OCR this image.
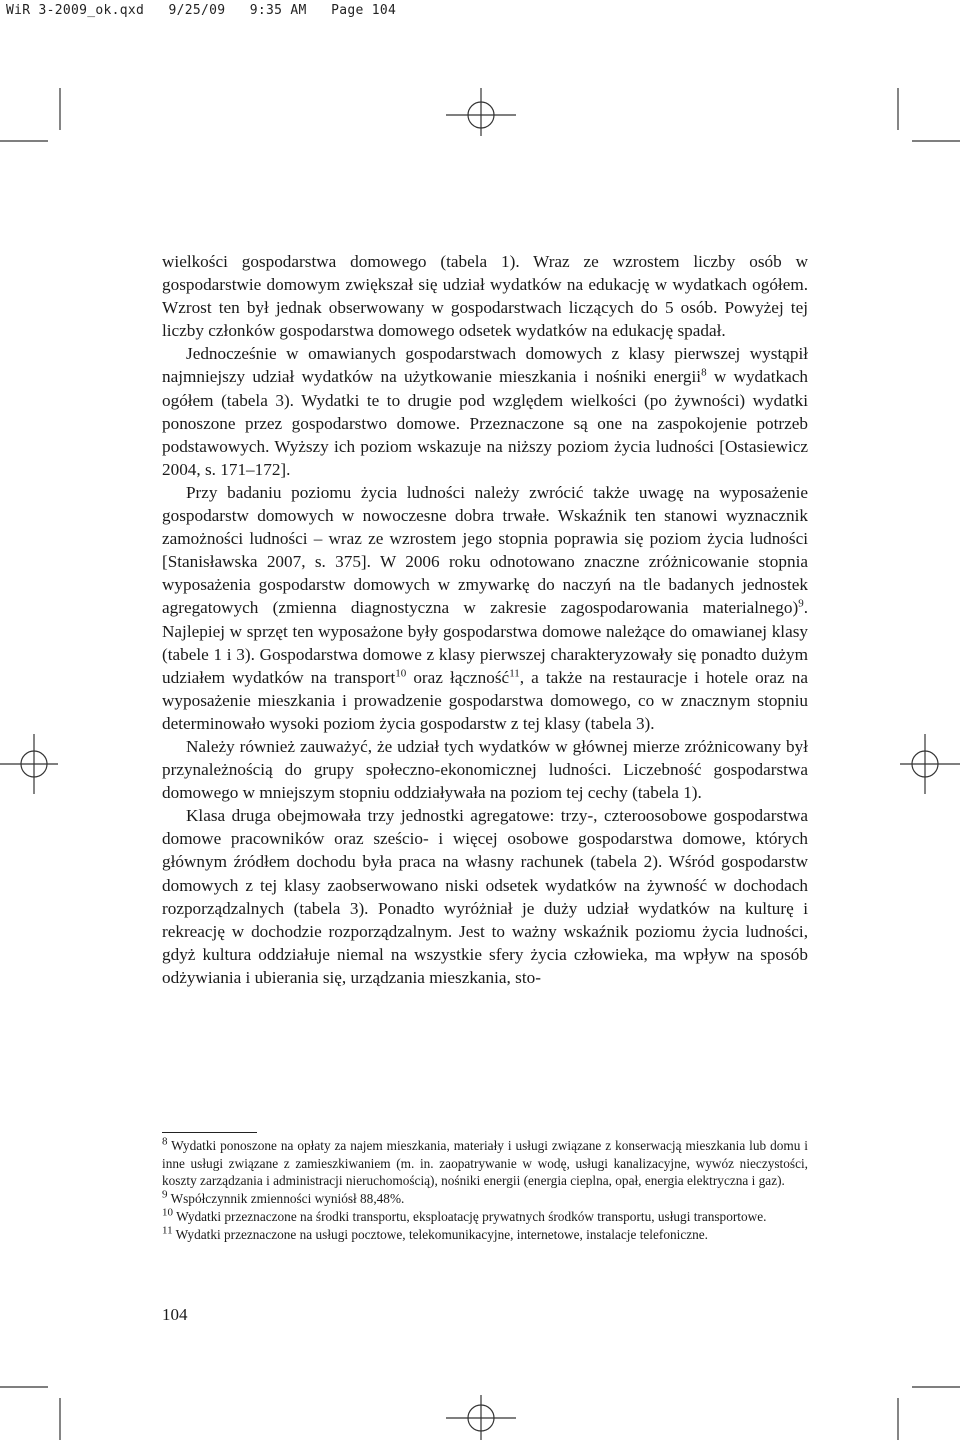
WiR 3-2009_ok.qxd   9/25/09   9:35 AM   Page 104

wielkości gospodarstwa domowego (tabela 1). Wraz ze wzrostem liczby osób w gospodarstwie domowym zwiększał się udział wydatków na edukację w wydatkach ogółem. Wzrost ten był jednak obserwowany w gospodarstwach liczących do 5 osób. Powyżej tej liczby członków gospodarstwa domowego odsetek wydatków na edukację spadał.

Jednocześnie w omawianych gospodarstwach domowych z klasy pierwszej wystąpił najmniejszy udział wydatków na użytkowanie mieszkania i nośniki energii$^8$ w wydatkach ogółem (tabela 3). Wydatki te to drugie pod względem wielkości (po żywności) wydatki ponoszone przez gospodarstwo domowe. Przeznaczone są one na zaspokojenie potrzeb podstawowych. Wyższy ich poziom wskazuje na niższy poziom życia ludności [Ostasiewicz 2004, s. 171–172].

Przy badaniu poziomu życia ludności należy zwrócić także uwagę na wyposażenie gospodarstw domowych w nowoczesne dobra trwałe. Wskaźnik ten stanowi wyznacznik zamożności ludności – wraz ze wzrostem jego stopnia poprawia się poziom życia ludności [Stanisławska 2007, s. 375]. W 2006 roku odnotowano znaczne zróżnicowanie stopnia wyposażenia gospodarstw domowych w zmywarkę do naczyń na tle badanych jednostek agregatowych (zmienna diagnostyczna w zakresie zagospodarowania materialnego)$^9$. Najlepiej w sprzęt ten wyposażone były gospodarstwa domowe należące do omawianej klasy (tabele 1 i 3). Gospodarstwa domowe z klasy pierwszej charakteryzowały się ponadto dużym udziałem wydatków na transport$^{10}$ oraz łączność$^{11}$, a także na restauracje i hotele oraz na wyposażenie mieszkania i prowadzenie gospodarstwa domowego, co w znacznym stopniu determinowało wysoki poziom życia gospodarstw z tej klasy (tabela 3).

Należy również zauważyć, że udział tych wydatków w głównej mierze zróżnicowany był przynależnością do grupy społeczno-ekonomicznej ludności. Liczebność gospodarstwa domowego w mniejszym stopniu oddziaływała na poziom tej cechy (tabela 1).

Klasa druga obejmowała trzy jednostki agregatowe: trzy-, czteroosobowe gospodarstwa domowe pracowników oraz sześcio- i więcej osobowe gospodarstwa domowe, których głównym źródłem dochodu była praca na własny rachunek (tabela 2). Wśród gospodarstw domowych z tej klasy zaobserwowano niski odsetek wydatków na żywność w dochodach rozporządzalnych (tabela 3). Ponadto wyróżniał je duży udział wydatków na kulturę i rekreację w dochodzie rozporządzalnym. Jest to ważny wskaźnik poziomu życia ludności, gdyż kultura oddziałuje niemal na wszystkie sfery życia człowieka, ma wpływ na sposób odżywiania i ubierania się, urządzania mieszkania, sto-

$^8$ Wydatki ponoszone na opłaty za najem mieszkania, materiały i usługi związane z konserwacją mieszkania lub domu i inne usługi związane z zamieszkiwaniem (m. in. zaopatrywanie w wodę, usługi kanalizacyjne, wywóz nieczystości, koszty zarządzania i administracji nieruchomością), nośniki energii (energia cieplna, opał, energia elektryczna i gaz).

$^9$ Współczynnik zmienności wyniósł 88,48%.

$^{10}$ Wydatki przeznaczone na środki transportu, eksploatację prywatnych środków transportu, usługi transportowe.

$^{11}$ Wydatki przeznaczone na usługi pocztowe, telekomunikacyjne, internetowe, instalacje telefoniczne.

104
